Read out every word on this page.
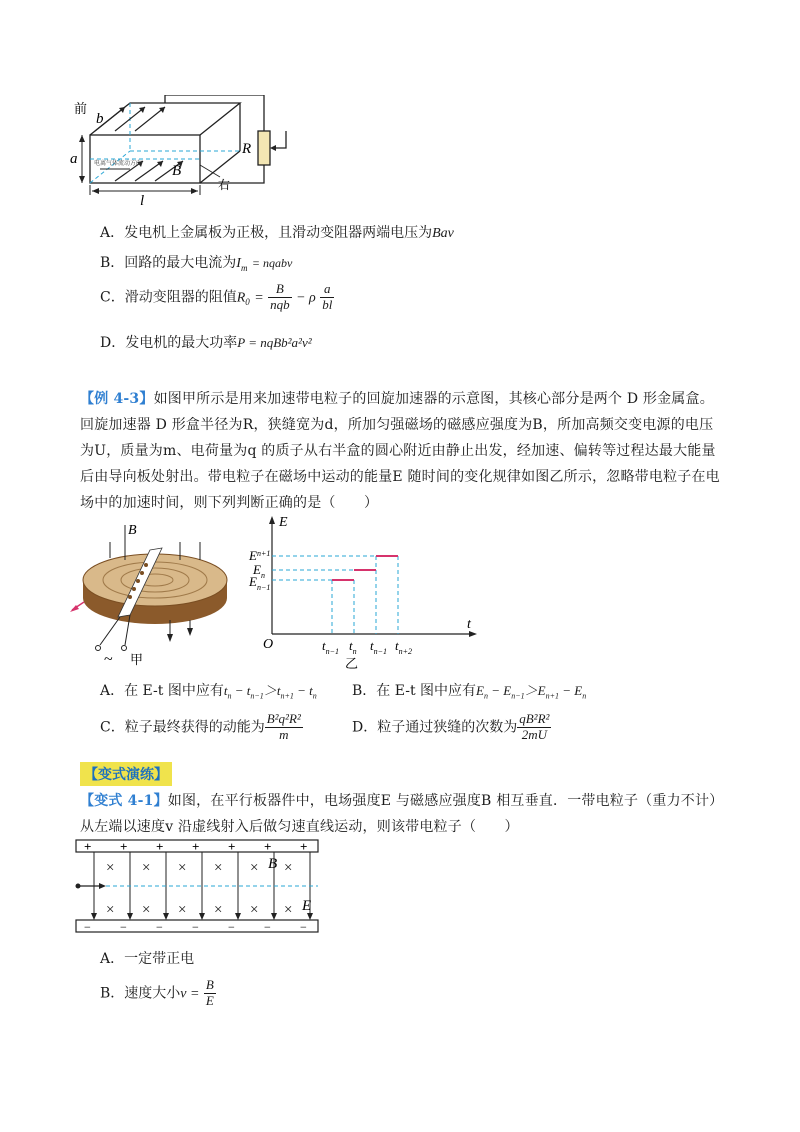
前
b
a
l
B
R
右
电离气体流动方向
A．发电机上金属板为正极，且滑动变阻器两端电压为Bav
B．回路的最大电流为$I_m$ = nqabv
C．滑动变阻器的阻值$R_0 = \frac{B}{\text{nqb}} - \rho \frac{a}{bl}$
D．发电机的最大功率P = nqBb²a²v²
【例 4-3】如图甲所示是用来加速带电粒子的回旋加速器的示意图，其核心部分是两个 D 形金属盒。回旋加速器 D 形盒半径为R，狭缝宽为d，所加匀强磁场的磁感应强度为B，所加高频交变电源的电压为U，质量为m、电荷量为q 的质子从右半盒的圆心附近由静止出发，经加速、偏转等过程达最大能量后由导向板处射出。带电粒子在磁场中运动的能量E 随时间的变化规律如图乙所示，忽略带电粒子在电场中的加速时间，则下列判断正确的是（　　）
B
~ 甲
E
t
O
$E^{n+1}$
$E_n$
$E_{n-1}$
$t_{n-1}$ $t_n$ $t_{n-1}$ $t_{n+2}$
乙
A．在 E-t 图中应有$t_n - t_{n-1}>t_{n+1} - t_n$	B．在 E-t 图中应有$E_n - E_{n-1}>E_{n+1} - E_n$
C．粒子最终获得的动能为 $\frac{\text{B²q²R²}}{m}$	D．粒子通过狭缝的次数为 $\frac{\text{qB²R²}}{2mU}$
【变式演练】
【变式 4-1】如图，在平行板器件中，电场强度E 与磁感应强度B 相互垂直．一带电粒子（重力不计）从左端以速度v 沿虚线射入后做匀速直线运动，则该带电粒子（　　）
+ + + + + + +
− − − − − − −
× × × × × ×
× × × × × ×
B
E
A．一定带正电
B．速度大小$v = \frac{B}{E}$
